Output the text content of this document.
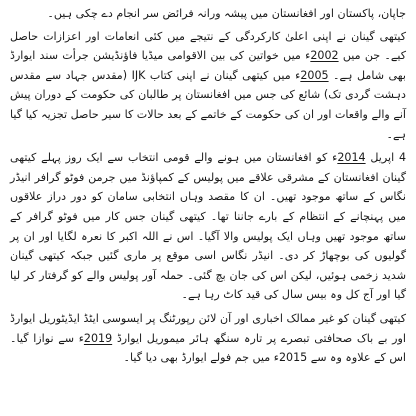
جاپان، پاکستان اور افغانستان میں پیشہ ورانہ فرائض سر انجام دے چکی ہیں۔

کیتھی گینان نے اپنی اعلیٰ کارکردگی کے نتیجے میں کئی انعامات اور اعزازات حاصل کیے۔ جن میں 2002ء میں خواتین کی بین الاقوامی میڈیا فاؤنڈیشن جرأت سند ایوارڈ بھی شامل ہے۔ 2005ء میں کیتھی گینان نے اپنی کتاب IJK (مقدس جہاد سے مقدس دہشت گردی تک) شائع کی جس میں افغانستان پر طالبان کی حکومت کے دوران پیش آنے والے واقعات اور ان کی حکومت کے خاتمے کے بعد حالات کا سیر حاصل تجزیہ کیا گیا ہے۔

4 اپریل 2014ء کو افغانستان میں ہونے والے قومی انتخاب سے ایک روز پہلے کیتھی گینان افغانستان کے مشرقی علاقے میں پولیس کے کمپاؤنڈ میں جرمن فوٹو گرافر انیڈر نگاس کے ساتھ موجود تھیں۔ ان کا مقصد وہاں انتخابی سامان کو دور دراز علاقوں میں پہنچانے کے انتظام کے بارے جاننا تھا۔ کیتھی گینان جس کار میں فوٹو گرافر کے ساتھ موجود تھیں وہاں ایک پولیس والا آگیا۔ اس نے اللہ اکبر کا نعرہ لگایا اور ان پر گولیوں کی بوچھاڑ کر دی۔ انیڈر نگاس اسی موقع پر ماری گئیں جبکہ کیتھی گینان شدید زخمی ہوئیں، لیکن اس کی جان بچ گئی۔ حملہ آور پولیس والے کو گرفتار کر لیا گیا اور آج کل وہ بیس سال کی قید کاٹ رہا ہے۔

کیتھی گینان کو غیر ممالک اخباری اور آن لائن رپورٹنگ پر ایسوسی ایٹڈ ایڈیٹوریل ایوارڈ اور بے باک صحافتی تبصرے پر تارہ سنگھ ہائر میموریل ایوارڈ 2019ء سے نوازا گیا۔ اس کے علاوہ وہ سے 2015ء میں جم فولے ایوارڈ بھی دیا گیا۔
